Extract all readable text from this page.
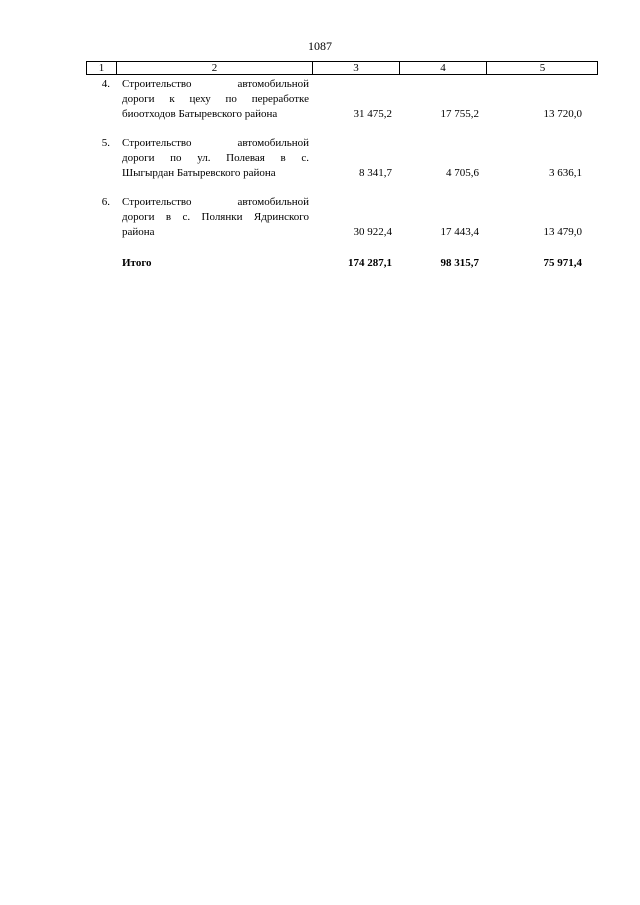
1087
1	2	3	4	5
4. Строительство автомобильной
дороги к цеху по переработке
биоотходов Батыревского района	31 475,2	17 755,2	13 720,0
5. Строительство автомобильной
дороги по ул. Полевая в с.
Шыгырдан Батыревского района	8 341,7	4 705,6	3 636,1
6. Строительство автомобильной
дороги в с. Полянки Ядринского
района	30 922,4	17 443,4	13 479,0
Итого	174 287,1	98 315,7	75 971,4
